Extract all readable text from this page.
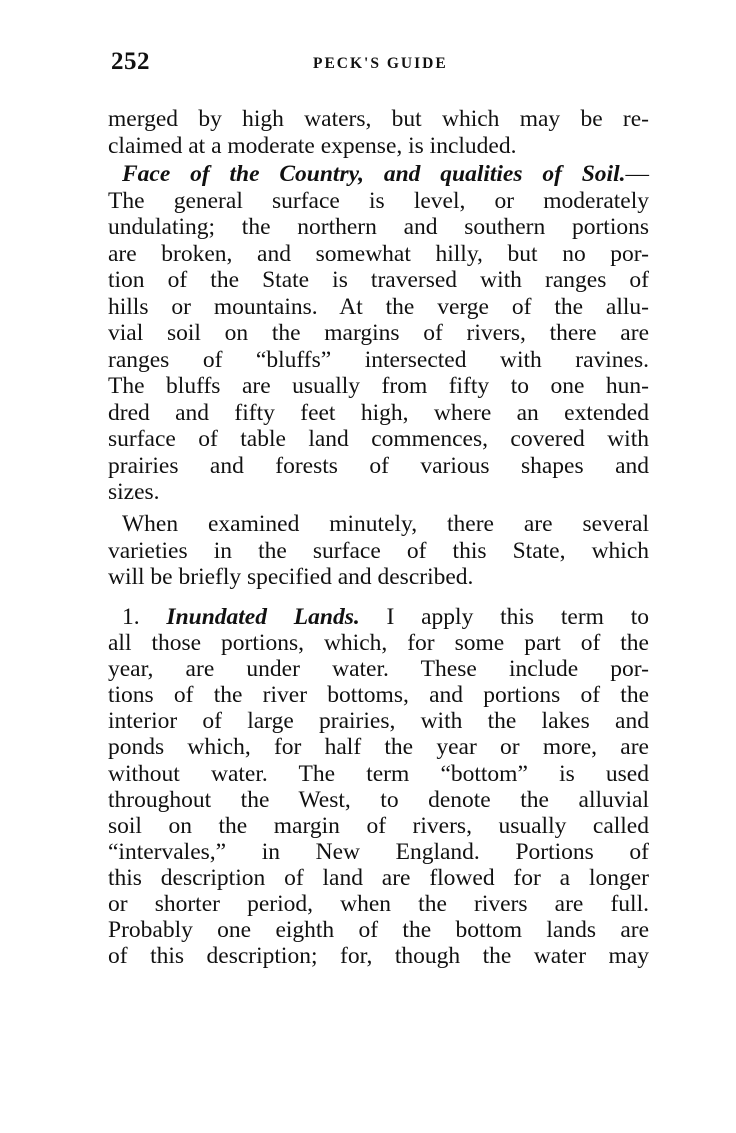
252	PECK'S GUIDE
merged by high waters, but which may be re-
claimed at a moderate expense, is included.
Face of the Country, and qualities of Soil.—
The general surface is level, or moderately
undulating; the northern and southern portions
are broken, and somewhat hilly, but no por-
tion of the State is traversed with ranges of
hills or mountains. At the verge of the allu-
vial soil on the margins of rivers, there are
ranges of “bluffs” intersected with ravines.
The bluffs are usually from fifty to one hun-
dred and fifty feet high, where an extended
surface of table land commences, covered with
prairies and forests of various shapes and
sizes.
When examined minutely, there are several
varieties in the surface of this State, which
will be briefly specified and described.
1. Inundated Lands. I apply this term to
all those portions, which, for some part of the
year, are under water. These include por-
tions of the river bottoms, and portions of the
interior of large prairies, with the lakes and
ponds which, for half the year or more, are
without water. The term “bottom” is used
throughout the West, to denote the alluvial
soil on the margin of rivers, usually called
“intervales,” in New England. Portions of
this description of land are flowed for a longer
or shorter period, when the rivers are full.
Probably one eighth of the bottom lands are
of this description; for, though the water may
